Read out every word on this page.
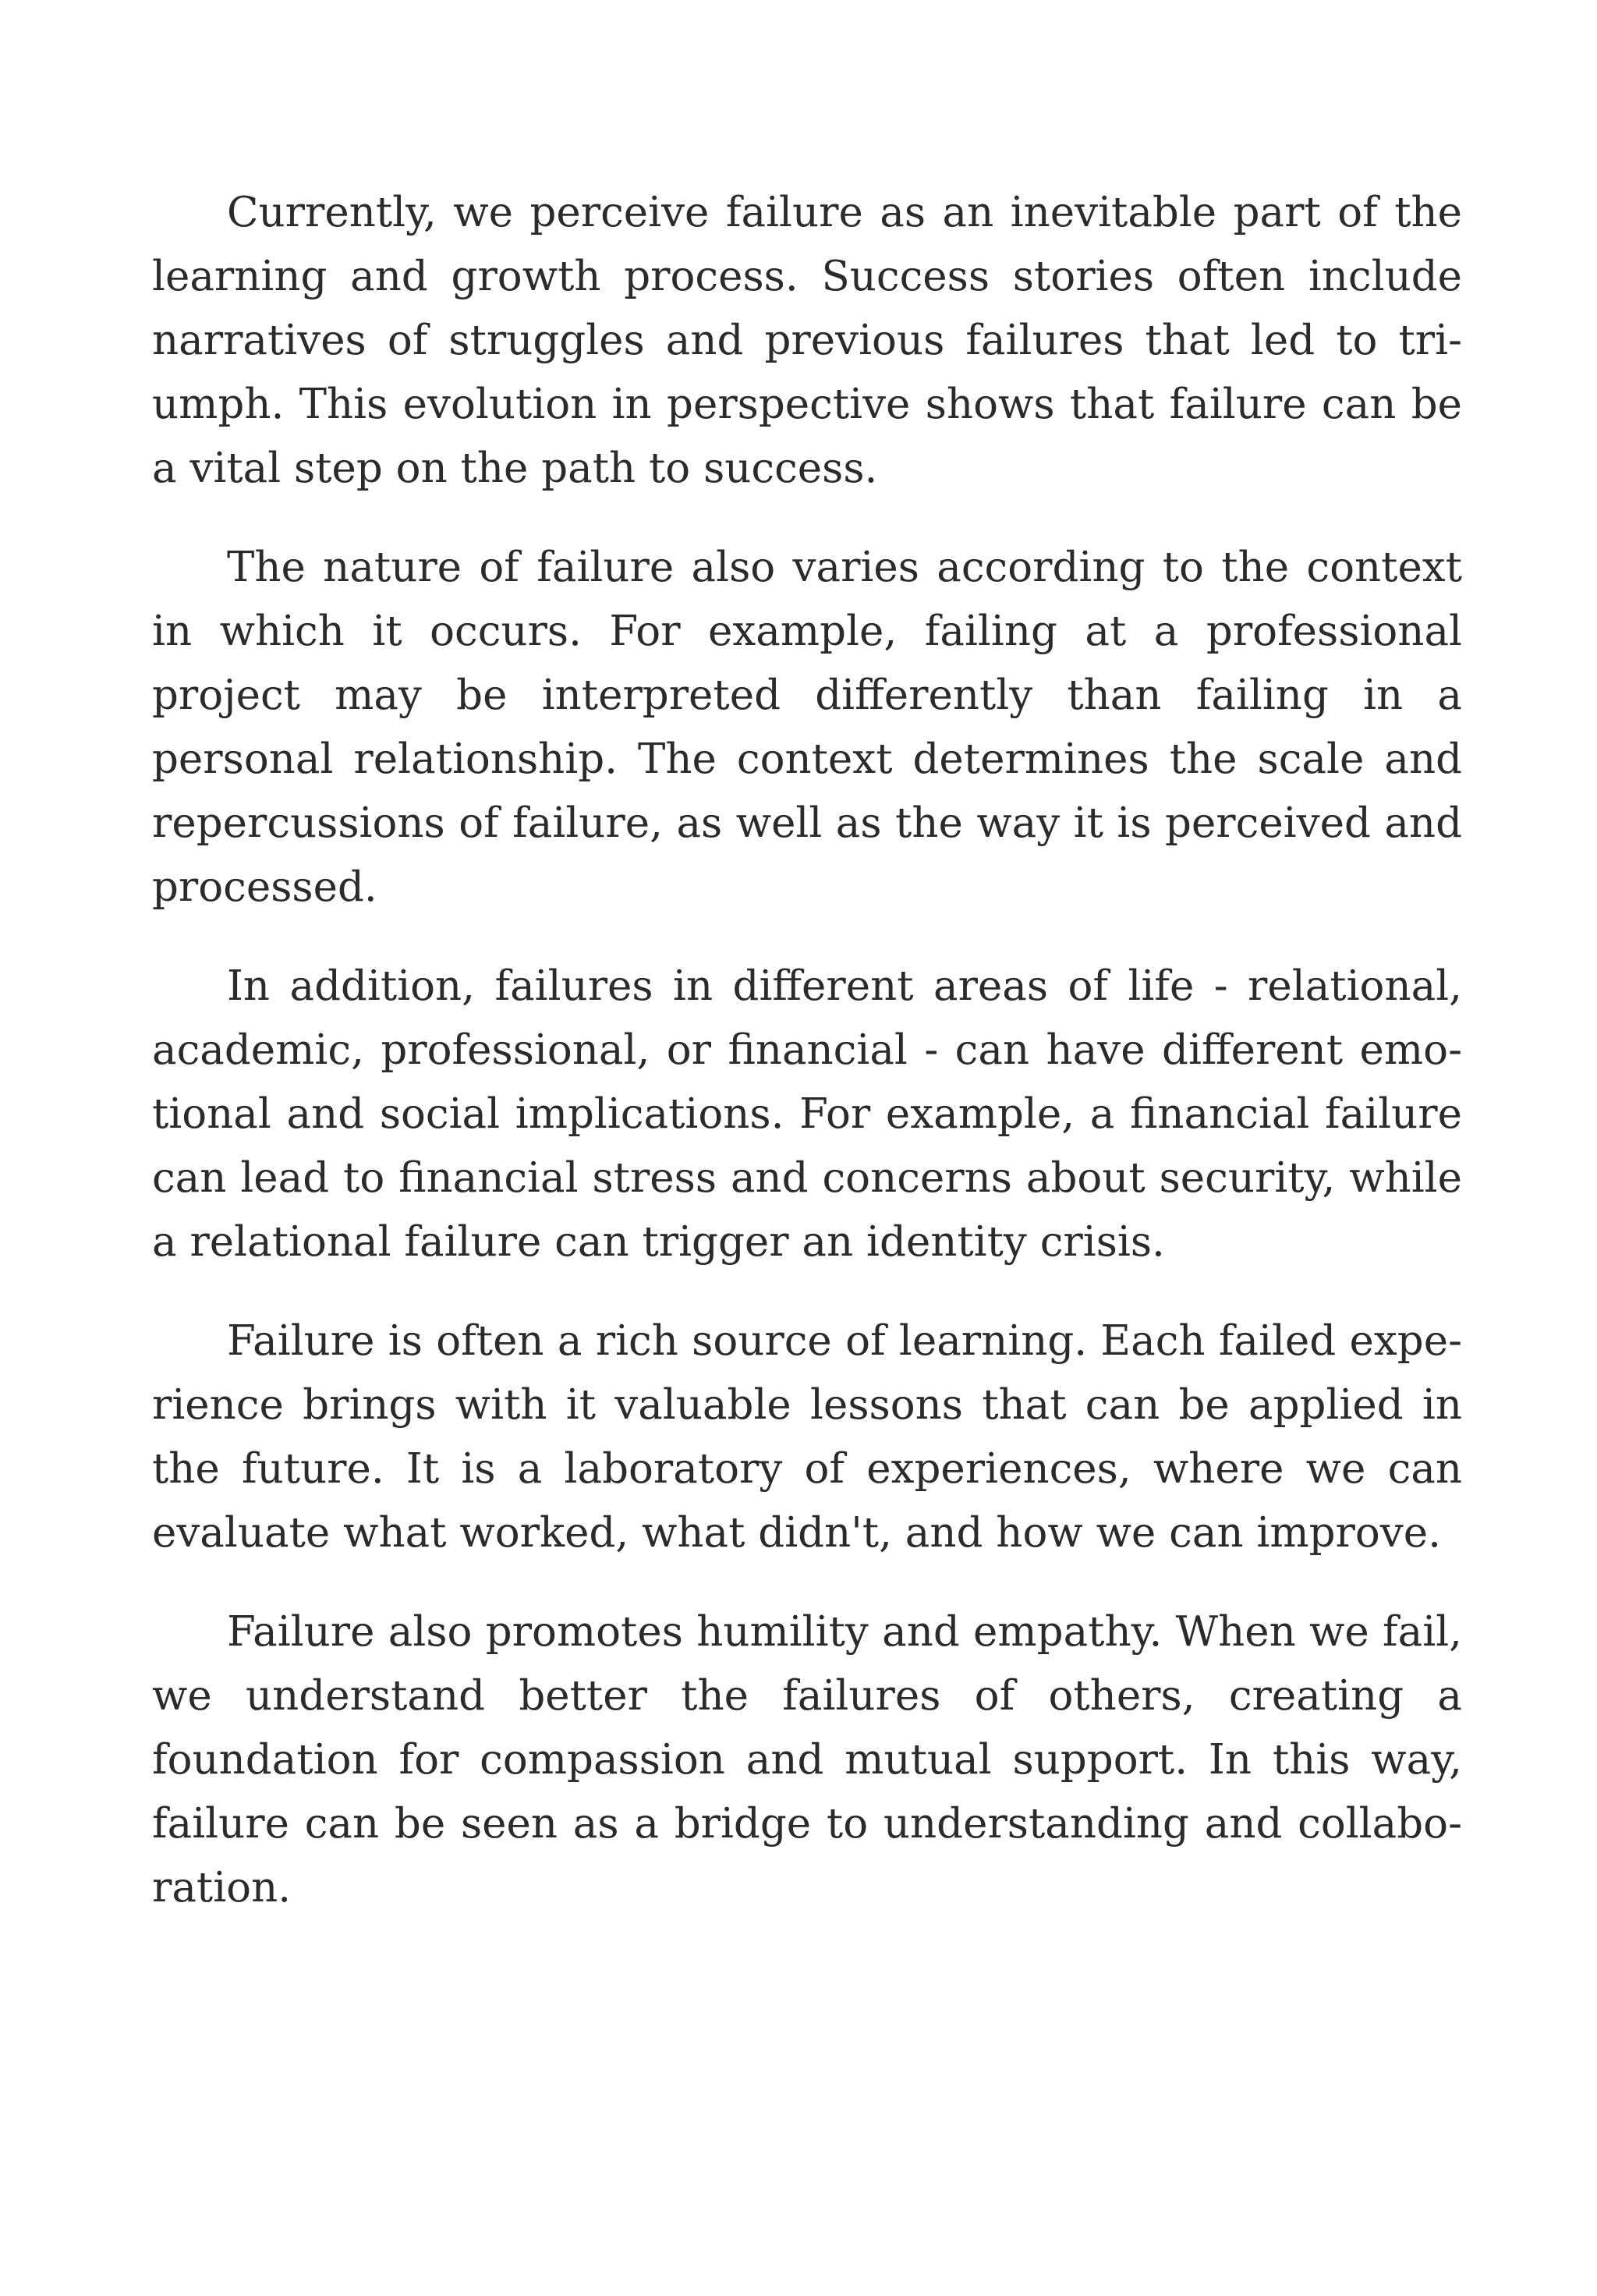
Currently, we perceive failure as an inevitable part of the learning and growth process. Success stories often include narratives of struggles and previous failures that led to triumph. This evolution in perspective shows that failure can be a vital step on the path to success.

The nature of failure also varies according to the context in which it occurs. For example, failing at a professional project may be interpreted differently than failing in a personal relationship. The context determines the scale and repercussions of failure, as well as the way it is perceived and processed.

In addition, failures in different areas of life - relational, academic, professional, or financial - can have different emotional and social implications. For example, a financial failure can lead to financial stress and concerns about security, while a relational failure can trigger an identity crisis.

Failure is often a rich source of learning. Each failed experience brings with it valuable lessons that can be applied in the future. It is a laboratory of experiences, where we can evaluate what worked, what didn't, and how we can improve.

Failure also promotes humility and empathy. When we fail, we understand better the failures of others, creating a foundation for compassion and mutual support. In this way, failure can be seen as a bridge to understanding and collaboration.
